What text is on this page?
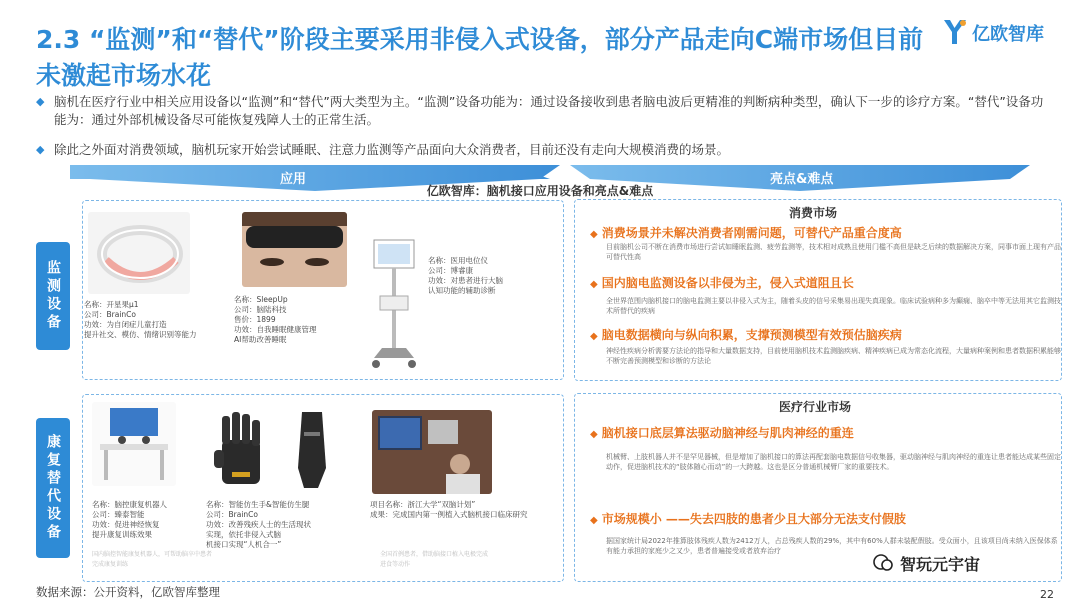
2.3 “监测”和“替代”阶段主要采用非侵入式设备，部分产品走向C端市场但目前未激起市场水花
亿欧智库
◆ 脑机在医疗行业中相关应用设备以“监测”和“替代”两大类型为主。“监测”设备功能为：通过设备接收到患者脑电波后更精准的判断病种类型，确认下一步的诊疗方案。“替代”设备功能为：通过外部机械设备尽可能恢复残障人士的正常生活。
◆ 除此之外面对消费领域，脑机玩家开始尝试睡眠、注意力监测等产品面向大众消费者，目前还没有走向大规模消费的场景。
应用	亮点&难点
亿欧智库：脑机接口应用设备和亮点&难点
监测设备
康复替代设备
名称：开星果μ1
公司：BrainCo
功效：为自闭症儿童打造
提升社交、模仿、情绪识别等能力
名称：SleepUp
公司：脑陆科技
售价：1899
功效：自我睡眠健康管理
AI帮助改善睡眠
名称：医用电位仪
公司：博睿康
功效：对患者进行大脑
认知功能的辅助诊断
名称：脑控康复机器人
公司：臻泰智能
功效：促进神经恢复
提升康复训练效果
国内脑控智能康复机器人，可帮助脑卒中患者完成康复训练
名称：智能仿生手&智能仿生腿
公司：BrainCo
功效：改善残疾人士的生活现状
实现，依托非侵入式脑
机接口实现“人机合一”
项目名称：浙江大学“双脑计划”
成果：完成国内第一例植入式脑机接口临床研究
全国首例患者，借助脑接口植入电极完成进食等动作
消费市场
◆ 消费场景并未解决消费者刚需问题，可替代产品重合度高
目前脑机公司不断在消费市场进行尝试如睡眠监测、疲劳监测等，技术相对成熟且使用门槛不高但是缺乏后续的数据解决方案，同事市面上现有产品可替代性高
◆ 国内脑电监测设备以非侵为主，侵入式道阻且长
全世界范围内脑机接口的脑电监测主要以非侵入式为主，随着头皮的信号采集易出现失真现象。临床试验病种多为癫痫、脑卒中等无法用其它监测技术所替代的疾病
◆ 脑电数据横向与纵向积累，支撑预测模型有效预估脑疾病
神经性疾病分析需要方法论的指导和大量数据支持，目前使用脑机技术监测脑疾病、精神疾病已成为常态化流程，大量病种案例和患者数据积累能够不断完善预测模型和诊断的方法论
医疗行业市场
◆ 脑机接口底层算法驱动脑神经与肌肉神经的重连
机械臂、上肢机器人并不是罕见器械，但是增加了脑机接口的算法再配套脑电数据信号收集器，驱动脑神经与肌肉神经的重连让患者能达成某些固定动作，促进脑机技术的“肢体随心而动”的一大跨越。这也是区分普通机械臂厂家的重要技术。
◆ 市场规模小 ——失去四肢的患者少且大部分无法支付假肢
据国家统计局2022年推算肢体残疾人数为2412万人，占总残疾人数的29%，其中有60%人群未装配假肢。受众面小，且该项目尚未纳入医保体系有能力承担的家庭少之又少，患者普遍接受或者放弃治疗
智玩元宇宙
数据来源：公开资料，亿欧智库整理	22
